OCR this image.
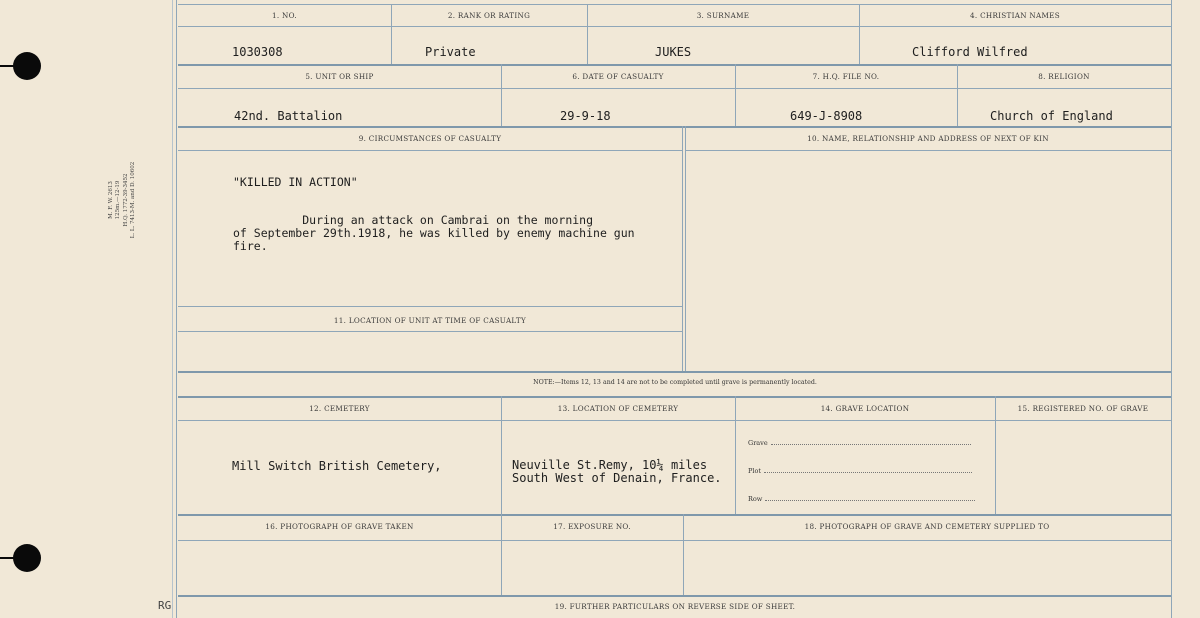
M. F. W. 2613 125m.—12-19 H.Q. 1772-39-3452 L. L. 7413-M. and D. 10602
RG
1. NO.	2. RANK OR RATING	3. SURNAME	4. CHRISTIAN NAMES
1030308	Private	JUKES	Clifford Wilfred
5. UNIT OR SHIP	6. DATE OF CASUALTY	7. H.Q. FILE NO.	8. RELIGION
42nd. Battalion	29-9-18	649-J-8908	Church of England
9. CIRCUMSTANCES OF CASUALTY	10. NAME, RELATIONSHIP AND ADDRESS OF NEXT OF KIN
"KILLED IN ACTION"
During an attack on Cambrai on the morning
of September 29th.1918, he was killed by enemy machine gun
fire.
11. LOCATION OF UNIT AT TIME OF CASUALTY
NOTE:—Items 12, 13 and 14 are not to be completed until grave is permanently located.
12. CEMETERY	13. LOCATION OF CEMETERY	14. GRAVE LOCATION	15. REGISTERED NO. OF GRAVE
Mill Switch British Cemetery,	Neuville St.Remy, 10¼ miles
South West of Denain, France.
Grave
Plot
Row
16. PHOTOGRAPH OF GRAVE TAKEN	17. EXPOSURE NO.	18. PHOTOGRAPH OF GRAVE AND CEMETERY SUPPLIED TO
19. FURTHER PARTICULARS ON REVERSE SIDE OF SHEET.
